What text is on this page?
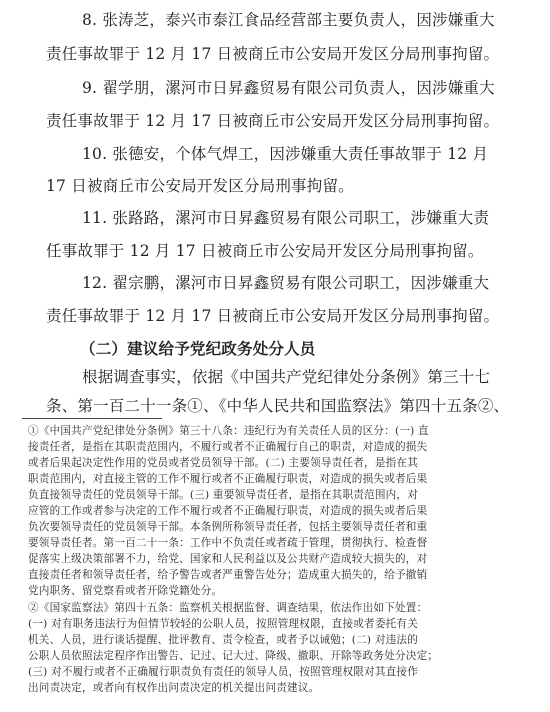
8. 张涛芝，泰兴市泰江食品经营部主要负责人，因涉嫌重大
责任事故罪于 12 月 17 日被商丘市公安局开发区分局刑事拘留。
9. 翟学朋，漯河市日昇鑫贸易有限公司负责人，因涉嫌重大
责任事故罪于 12 月 17 日被商丘市公安局开发区分局刑事拘留。
10. 张德安，个体气焊工，因涉嫌重大责任事故罪于 12 月
17 日被商丘市公安局开发区分局刑事拘留。
11. 张路路，漯河市日昇鑫贸易有限公司职工，涉嫌重大责
任事故罪于 12 月 17 日被商丘市公安局开发区分局刑事拘留。
12. 翟宗鹏，漯河市日昇鑫贸易有限公司职工，因涉嫌重大
责任事故罪于 12 月 17 日被商丘市公安局开发区分局刑事拘留。
（二）建议给予党纪政务处分人员
根据调查事实，依据《中国共产党纪律处分条例》第三十七
条、第一百二十一条①、《中华人民共和国监察法》第四十五条②、
①《中国共产党纪律处分条例》第三十八条：违纪行为有关责任人员的区分：(一) 直
接责任者，是指在其职责范围内，不履行或者不正确履行自己的职责，对造成的损失
或者后果起决定性作用的党员或者党员领导干部。(二) 主要领导责任者，是指在其
职责范围内，对直接主管的工作不履行或者不正确履行职责，对造成的损失或者后果
负直接领导责任的党员领导干部。(三) 重要领导责任者，是指在其职责范围内，对
应管的工作或者参与决定的工作不履行或者不正确履行职责，对造成的损失或者后果
负次要领导责任的党员领导干部。本条例所称领导责任者，包括主要领导责任者和重
要领导责任者。第一百二十一条：工作中不负责任或者疏于管理，贯彻执行、检查督
促落实上级决策部署不力，给党、国家和人民利益以及公共财产造成较大损失的，对
直接责任者和领导责任者，给予警告或者严重警告处分；造成重大损失的，给予撤销
党内职务、留党察看或者开除党籍处分。
②《国家监察法》第四十五条：监察机关根据监督、调查结果，依法作出如下处置：
(一) 对有职务违法行为但情节较轻的公职人员，按照管理权限，直接或者委托有关
机关、人员，进行谈话提醒、批评教育、责令检查，或者予以诫勉；(二) 对违法的
公职人员依照法定程序作出警告、记过、记大过、降级、撤职、开除等政务处分决定；
(三) 对不履行或者不正确履行职责负有责任的领导人员，按照管理权限对其直接作
出问责决定，或者向有权作出问责决定的机关提出问责建议。
